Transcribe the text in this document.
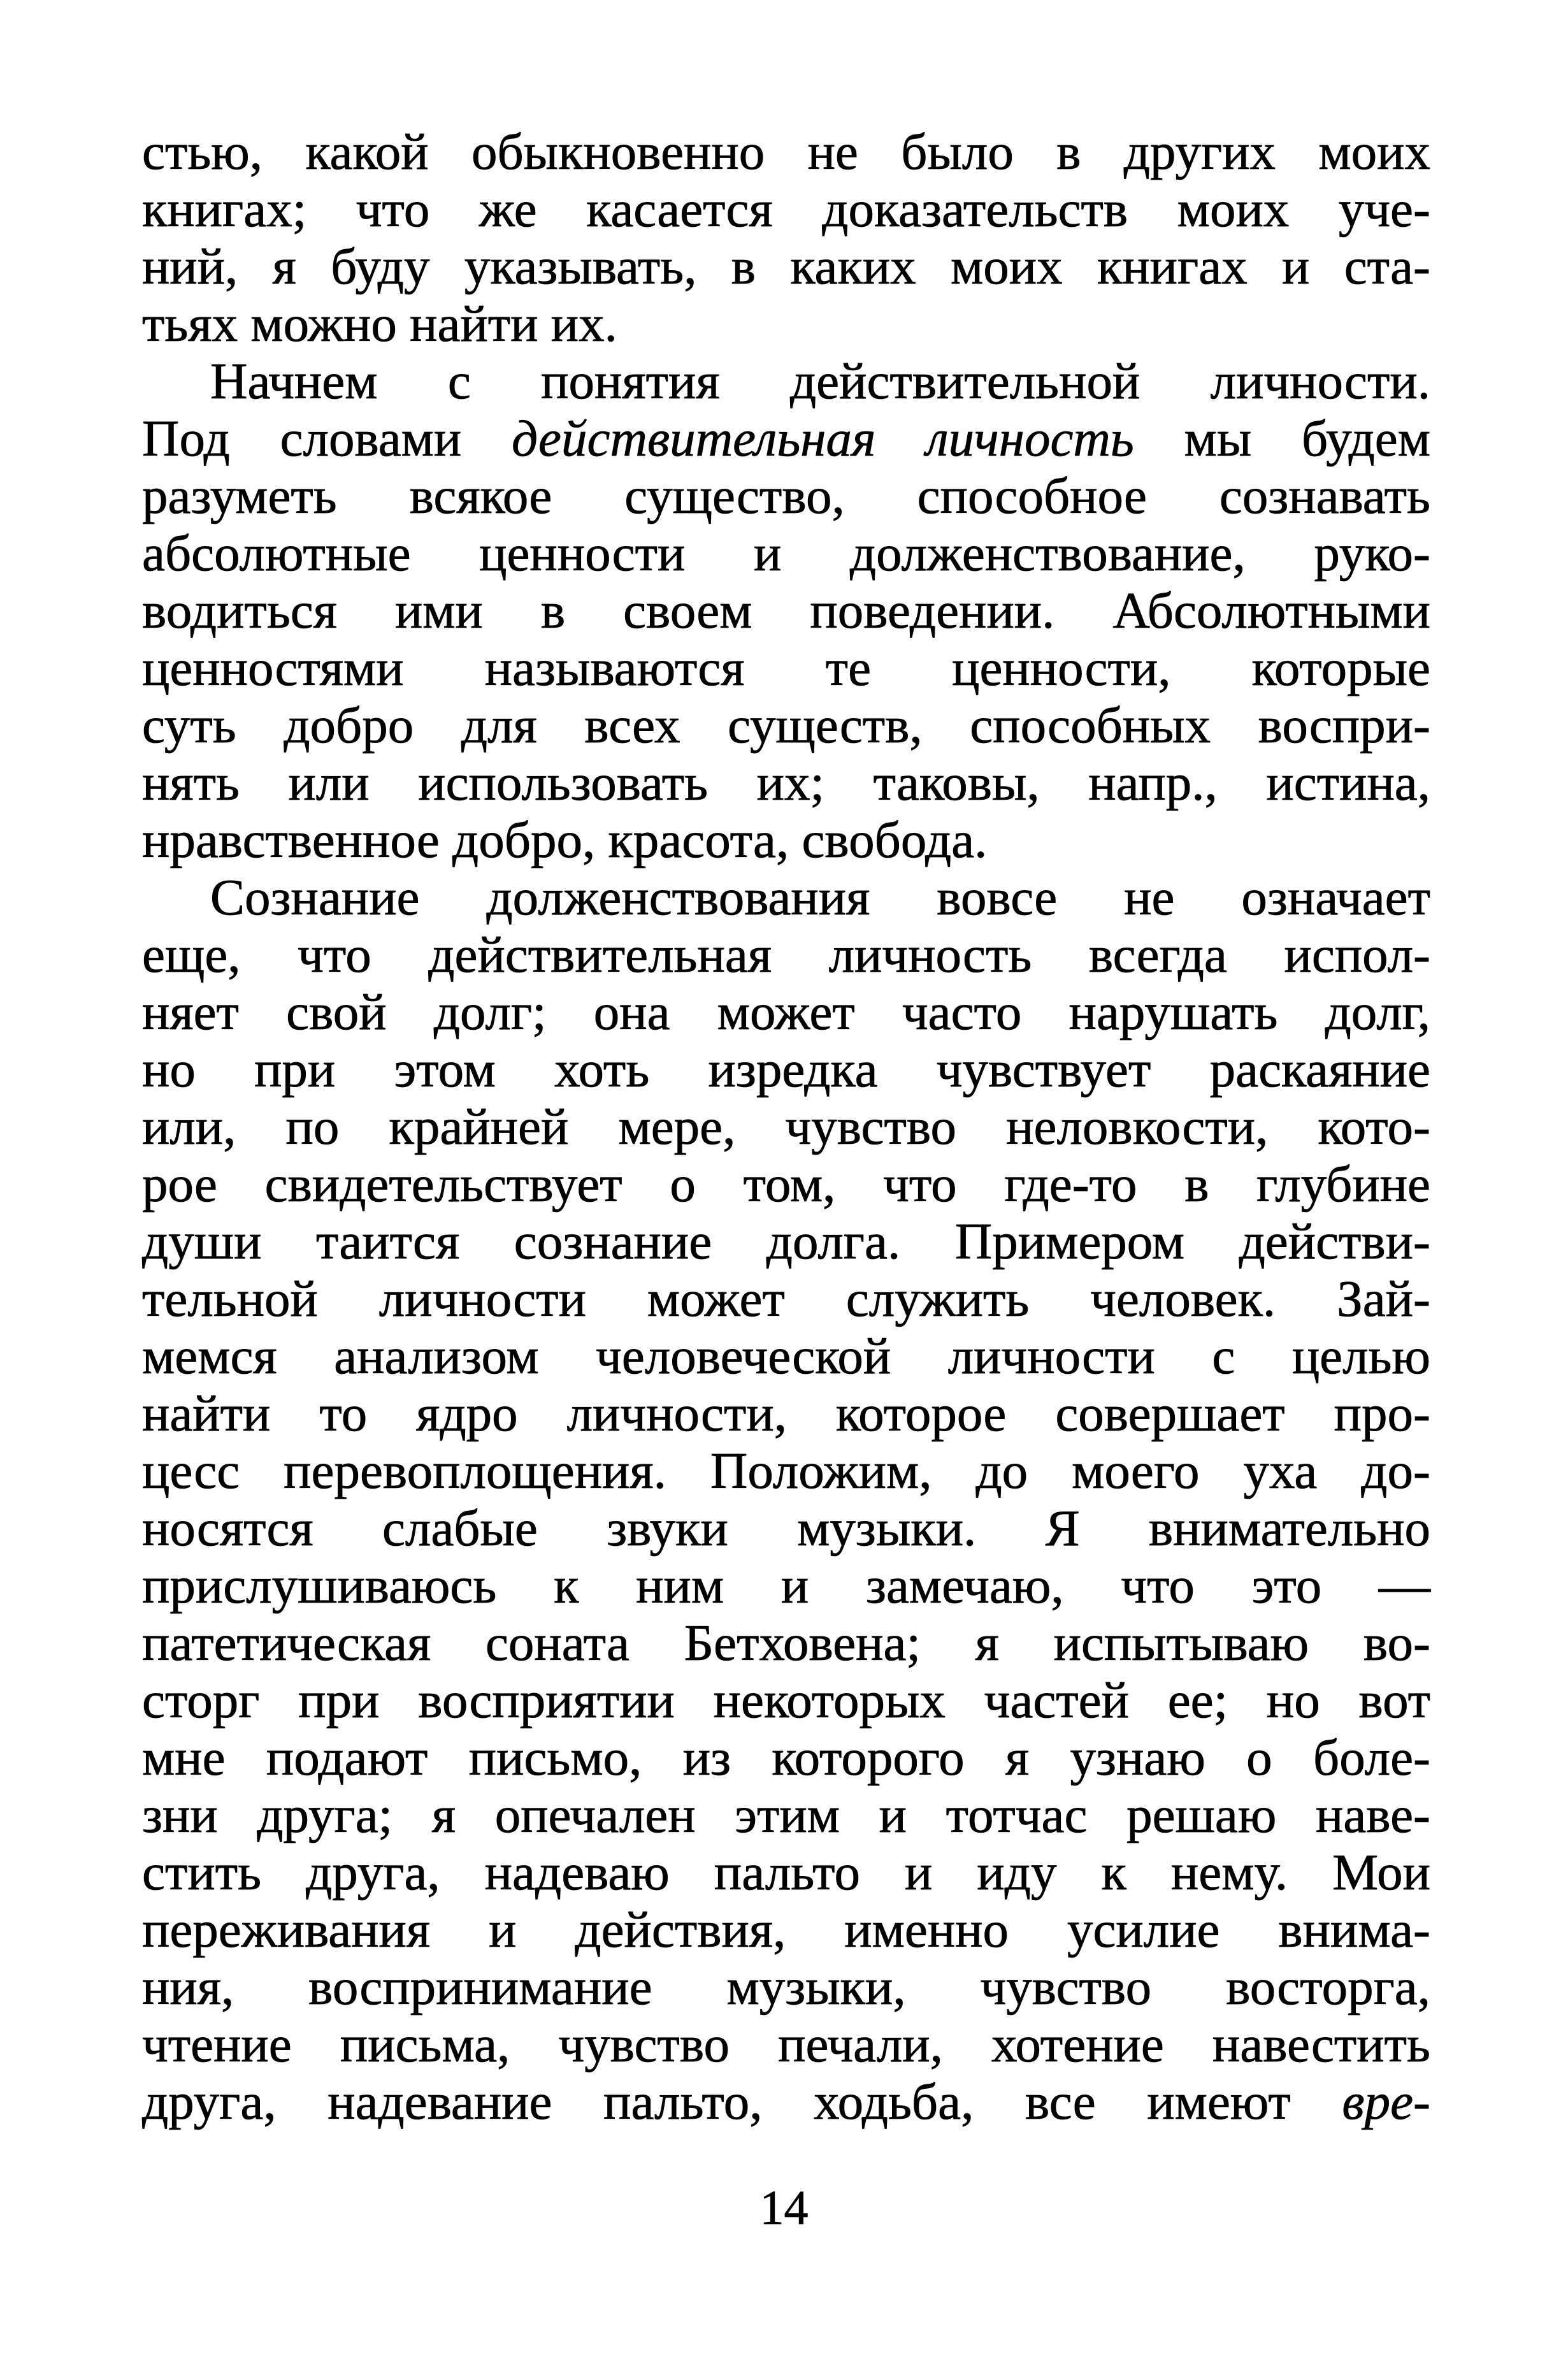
стью, какой обыкновенно не было в других моих
книгах; что же касается доказательств моих уче-
ний, я буду указывать, в каких моих книгах и ста-
тьях можно найти их.

Начнем с понятия действительной личности.
Под словами действительная личность мы будем
разуметь всякое существо, способное сознавать
абсолютные ценности и долженствование, руко-
водиться ими в своем поведении. Абсолютными
ценностями называются те ценности, которые
суть добро для всех существ, способных воспри-
нять или использовать их; таковы, напр., истина,
нравственное добро, красота, свобода.

Сознание долженствования вовсе не означает
еще, что действительная личность всегда испол-
няет свой долг; она может часто нарушать долг,
но при этом хоть изредка чувствует раскаяние
или, по крайней мере, чувство неловкости, кото-
рое свидетельствует о том, что где-то в глубине
души таится сознание долга. Примером действи-
тельной личности может служить человек. Зай-
мемся анализом человеческой личности с целью
найти то ядро личности, которое совершает про-
цесс перевоплощения. Положим, до моего уха до-
носятся слабые звуки музыки. Я внимательно
прислушиваюсь к ним и замечаю, что это —
патетическая соната Бетховена; я испытываю во-
сторг при восприятии некоторых частей ее; но вот
мне подают письмо, из которого я узнаю о боле-
зни друга; я опечален этим и тотчас решаю наве-
стить друга, надеваю пальто и иду к нему. Мои
переживания и действия, именно усилие внима-
ния, воспринимание музыки, чувство восторга,
чтение письма, чувство печали, хотение навестить
друга, надевание пальто, ходьба, все имеют вре-

14
